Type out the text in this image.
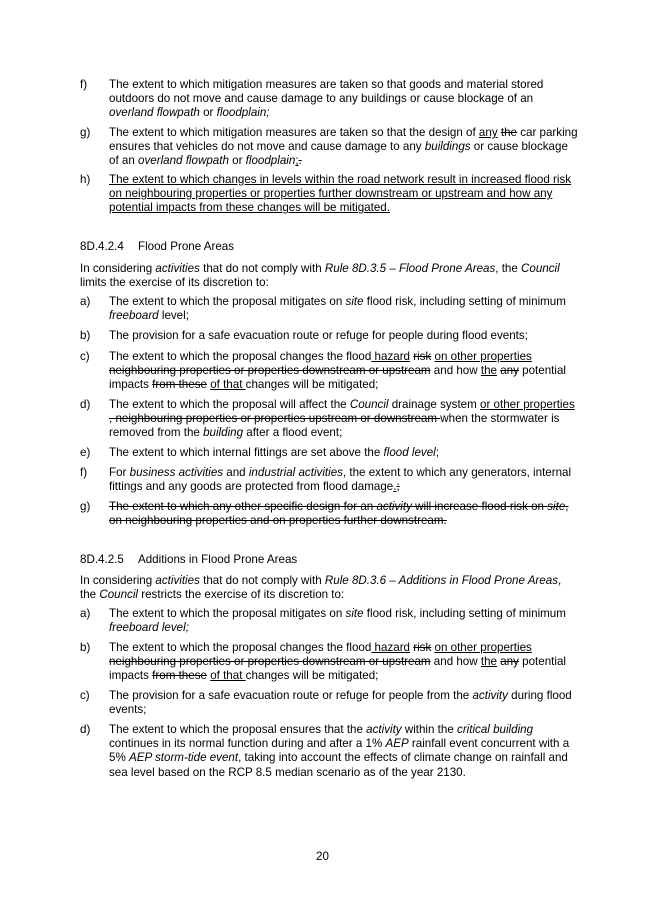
f)	The extent to which mitigation measures are taken so that goods and material stored outdoors do not move and cause damage to any buildings or cause blockage of an overland flowpath or floodplain;
g)	The extent to which mitigation measures are taken so that the design of any the car parking ensures that vehicles do not move and cause damage to any buildings or cause blockage of an overland flowpath or floodplain;.
h)	The extent to which changes in levels within the road network result in increased flood risk on neighbouring properties or properties further downstream or upstream and how any potential impacts from these changes will be mitigated.
8D.4.2.4 Flood Prone Areas
In considering activities that do not comply with Rule 8D.3.5 – Flood Prone Areas, the Council limits the exercise of its discretion to:
a)	The extent to which the proposal mitigates on site flood risk, including setting of minimum freeboard level;
b)	The provision for a safe evacuation route or refuge for people during flood events;
c)	The extent to which the proposal changes the flood hazard risk on other properties neighbouring properties or properties downstream or upstream and how the any potential impacts from these of that changes will be mitigated;
d)	The extent to which the proposal will affect the Council drainage system or other properties , neighbouring properties or properties upstream or downstream when the stormwater is removed from the building after a flood event;
e)	The extent to which internal fittings are set above the flood level;
f)	For business activities and industrial activities, the extent to which any generators, internal fittings and any goods are protected from flood damage.;
g)	The extent to which any other specific design for an activity will increase flood risk on site, on neighbouring properties and on properties further downstream.
8D.4.2.5 Additions in Flood Prone Areas
In considering activities that do not comply with Rule 8D.3.6 – Additions in Flood Prone Areas, the Council restricts the exercise of its discretion to:
a)	The extent to which the proposal mitigates on site flood risk, including setting of minimum freeboard level;
b)	The extent to which the proposal changes the flood hazard risk on other properties neighbouring properties or properties downstream or upstream and how the any potential impacts from these of that changes will be mitigated;
c)	The provision for a safe evacuation route or refuge for people from the activity during flood events;
d)	The extent to which the proposal ensures that the activity within the critical building continues in its normal function during and after a 1% AEP rainfall event concurrent with a 5% AEP storm-tide event, taking into account the effects of climate change on rainfall and sea level based on the RCP 8.5 median scenario as of the year 2130.
20
